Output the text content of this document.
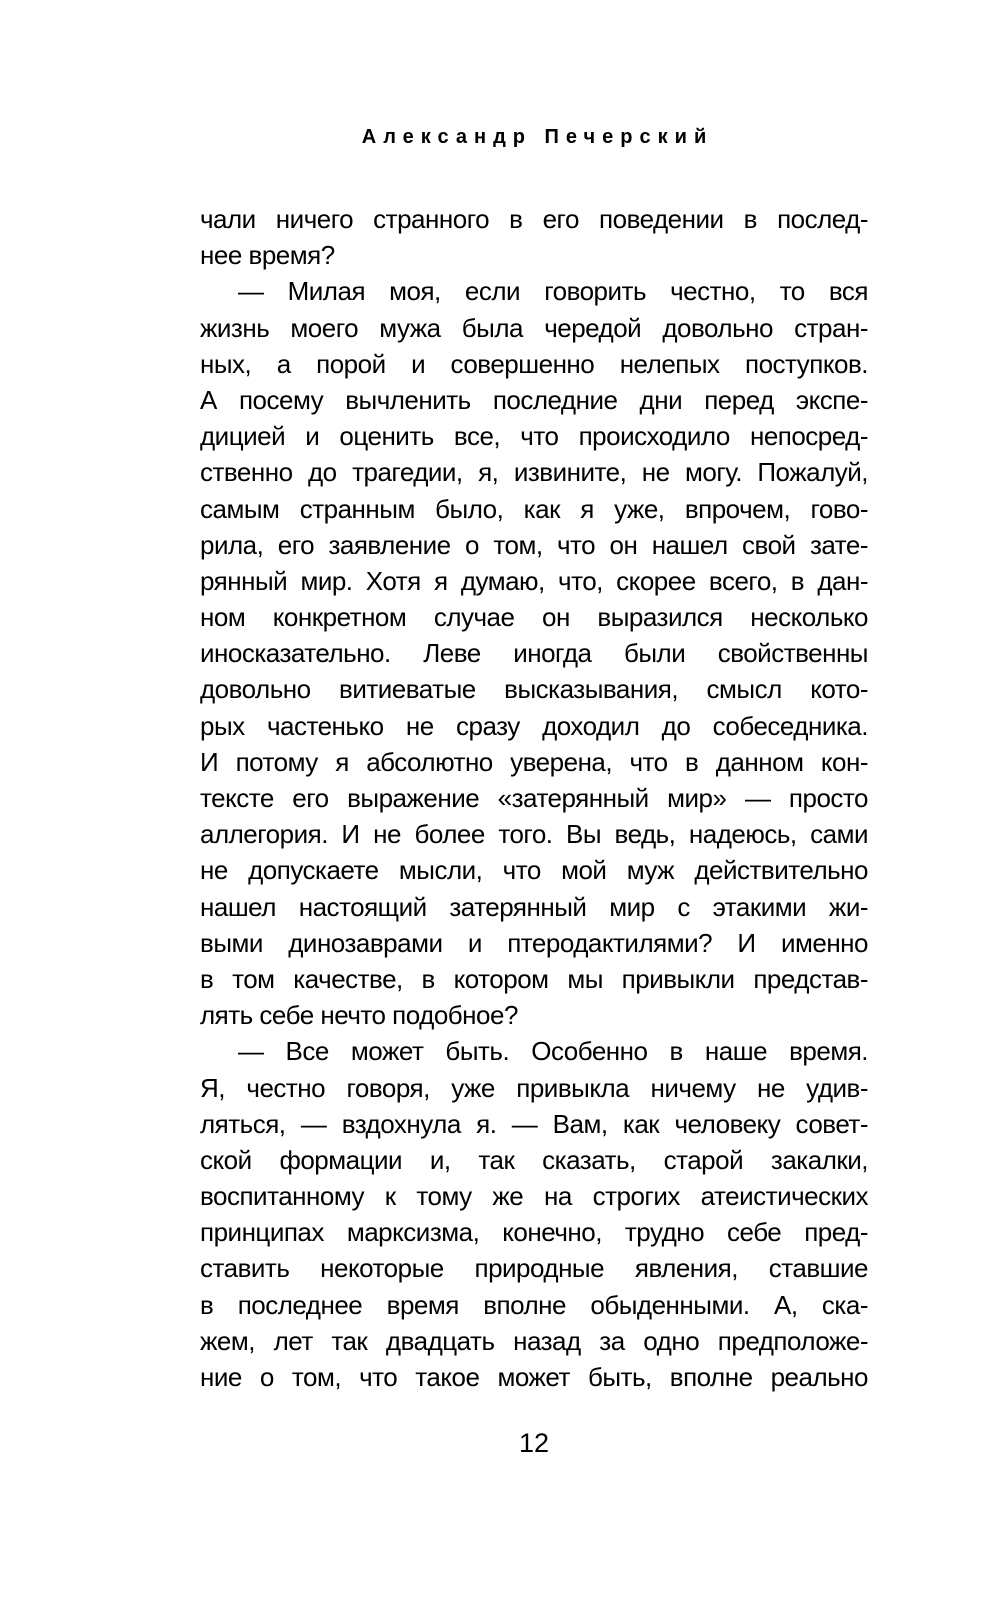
Александр Печерский
чали ничего странного в его поведении в послед-
нее время?
— Милая моя, если говорить честно, то вся
жизнь моего мужа была чередой довольно стран-
ных, а порой и совершенно нелепых поступков.
А посему вычленить последние дни перед экспе-
дицией и оценить все, что происходило непосред-
ственно до трагедии, я, извините, не могу. Пожалуй,
самым странным было, как я уже, впрочем, гово-
рила, его заявление о том, что он нашел свой зате-
рянный мир. Хотя я думаю, что, скорее всего, в дан-
ном конкретном случае он выразился несколько
иносказательно. Леве иногда были свойственны
довольно витиеватые высказывания, смысл кото-
рых частенько не сразу доходил до собеседника.
И потому я абсолютно уверена, что в данном кон-
тексте его выражение «затерянный мир» — просто
аллегория. И не более того. Вы ведь, надеюсь, сами
не допускаете мысли, что мой муж действительно
нашел настоящий затерянный мир с этакими жи-
выми динозаврами и птеродактилями? И именно
в том качестве, в котором мы привыкли представ-
лять себе нечто подобное?
— Все может быть. Особенно в наше время.
Я, честно говоря, уже привыкла ничему не удив-
ляться, — вздохнула я. — Вам, как человеку совет-
ской формации и, так сказать, старой закалки,
воспитанному к тому же на строгих атеистических
принципах марксизма, конечно, трудно себе пред-
ставить некоторые природные явления, ставшие
в последнее время вполне обыденными. А, ска-
жем, лет так двадцать назад за одно предположе-
ние о том, что такое может быть, вполне реально
12
